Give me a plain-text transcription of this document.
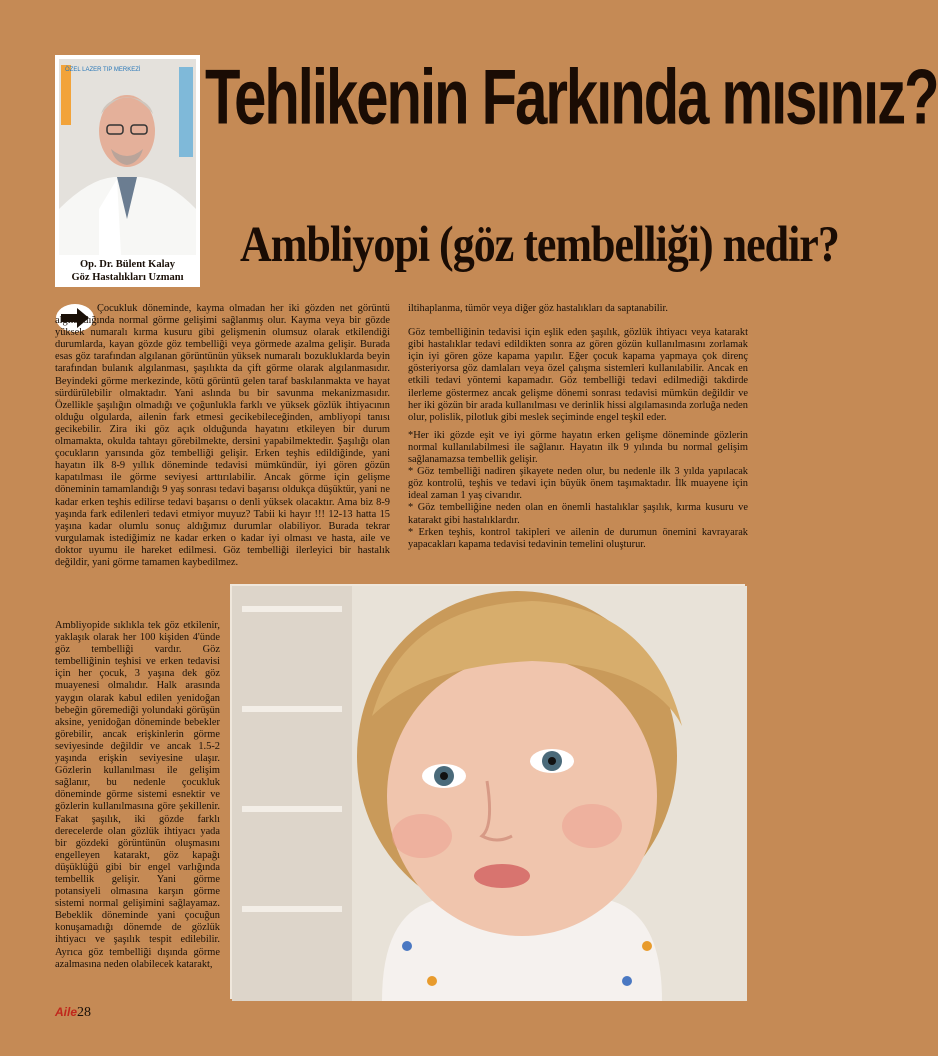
ÖZEL LAZER TIP MERKEZİ
Op. Dr. Bülent Kalay
Göz Hastalıkları Uzmanı
Tehlikenin Farkında mısınız?
Ambliyopi (göz tembelliği) nedir?

Çocukluk döneminde, kayma olmadan her iki gözden net görüntü algılandığında normal görme gelişimi sağlanmış olur. Kayma veya bir gözde yüksek numaralı kırma kusuru gibi gelişmenin olumsuz olarak etkilendiği durumlarda, kayan gözde göz tembelliği veya görmede azalma gelişir. Burada esas göz tarafından algılanan görüntünün yüksek numaralı bozukluklarda beyin tarafından bulanık algılanması, şaşılıkta da çift görme olarak algılanmasıdır. Beyindeki görme merkezinde, kötü görüntü gelen taraf baskılanmakta ve hayat sürdürülebilir olmaktadır. Yani aslında bu bir savunma mekanizmasıdır. Özellikle şaşılığın olmadığı ve çoğunlukla farklı ve yüksek gözlük ihtiyacının olduğu olgularda, ailenin fark etmesi gecikebileceğinden, ambliyopi tanısı gecikebilir. Zira iki göz açık olduğunda hayatını etkileyen bir durum olmamakta, okulda tahtayı görebilmekte, dersini yapabilmektedir. Şaşılığı olan çocukların yarısında göz tembelliği gelişir. Erken teşhis edildiğinde, yani hayatın ilk 8-9 yıllık döneminde tedavisi mümkündür, iyi gören gözün kapatılması ile görme seviyesi arttırılabilir. Ancak görme için gelişme döneminin tamamlandığı 9 yaş sonrası tedavi başarısı oldukça düşüktür, yani ne kadar erken teşhis edilirse tedavi başarısı o denli yüksek olacaktır. Ama biz 8-9 yaşında fark edilenleri tedavi etmiyor muyuz? Tabii ki hayır !!! 12-13 hatta 15 yaşına kadar olumlu sonuç aldığımız durumlar olabiliyor. Burada tekrar vurgulamak istediğimiz ne kadar erken o kadar iyi olması ve hasta, aile ve doktor uyumu ile hareket edilmesi. Göz tembelliği ilerleyici bir hastalık değildir, yani görme tamamen kaybedilmez.

Ambliyopide sıklıkla tek göz etkilenir, yaklaşık olarak her 100 kişiden 4'ünde göz tembelliği vardır. Göz tembelliğinin teşhisi ve erken tedavisi için her çocuk, 3 yaşına dek göz muayenesi olmalıdır. Halk arasında yaygın olarak kabul edilen yenidoğan bebeğin göremediği yolundaki görüşün aksine, yenidoğan döneminde bebekler görebilir, ancak erişkinlerin görme seviyesinde değildir ve ancak 1.5-2 yaşında erişkin seviyesine ulaşır. Gözlerin kullanılması ile gelişim sağlanır, bu nedenle çocukluk döneminde görme sistemi esnektir ve gözlerin kullanılmasına göre şekillenir. Fakat şaşılık, iki gözde farklı derecelerde olan gözlük ihtiyacı yada bir gözdeki görüntünün oluşmasını engelleyen katarakt, göz kapağı düşüklüğü gibi bir engel varlığında tembellik gelişir. Yani görme potansiyeli olmasına karşın görme sistemi normal gelişimini sağlayamaz. Bebeklik döneminde yani çocuğun konuşamadığı dönemde de gözlük ihtiyacı ve şaşılık tespit edilebilir. Ayrıca göz tembelliği dışında görme azalmasına neden olabilecek katarakt,

iltihaplanma, tümör veya diğer göz hastalıkları da saptanabilir.

Göz tembelliğinin tedavisi için eşlik eden şaşılık, gözlük ihtiyacı veya katarakt gibi hastalıklar tedavi edildikten sonra az gören gözün kullanılmasını zorlamak için iyi gören göze kapama yapılır. Eğer çocuk kapama yapmaya çok direnç gösteriyorsa göz damlaları veya özel çalışma sistemleri kullanılabilir. Ancak en etkili tedavi yöntemi kapamadır. Göz tembelliği tedavi edilmediği takdirde ilerleme göstermez ancak gelişme dönemi sonrası tedavisi mümkün değildir ve her iki gözün bir arada kullanılması ve derinlik hissi algılamasında zorluğa neden olur, polislik, pilotluk gibi meslek seçiminde engel teşkil eder.

*Her iki gözde eşit ve iyi görme hayatın erken gelişme döneminde gözlerin normal kullanılabilmesi ile sağlanır. Hayatın ilk 9 yılında bu normal gelişim sağlanamazsa tembellik gelişir.

* Göz tembelliği nadiren şikayete neden olur, bu nedenle ilk 3 yılda yapılacak göz kontrolü, teşhis ve tedavi için büyük önem taşımaktadır. İlk muayene için ideal zaman 1 yaş civarıdır.

* Göz tembelliğine neden olan en önemli hastalıklar şaşılık, kırma kusuru ve katarakt gibi hastalıklardır.

* Erken teşhis, kontrol takipleri ve ailenin de durumun önemini kavrayarak yapacakları kapama tedavisi tedavinin temelini oluşturur.

Aile28
